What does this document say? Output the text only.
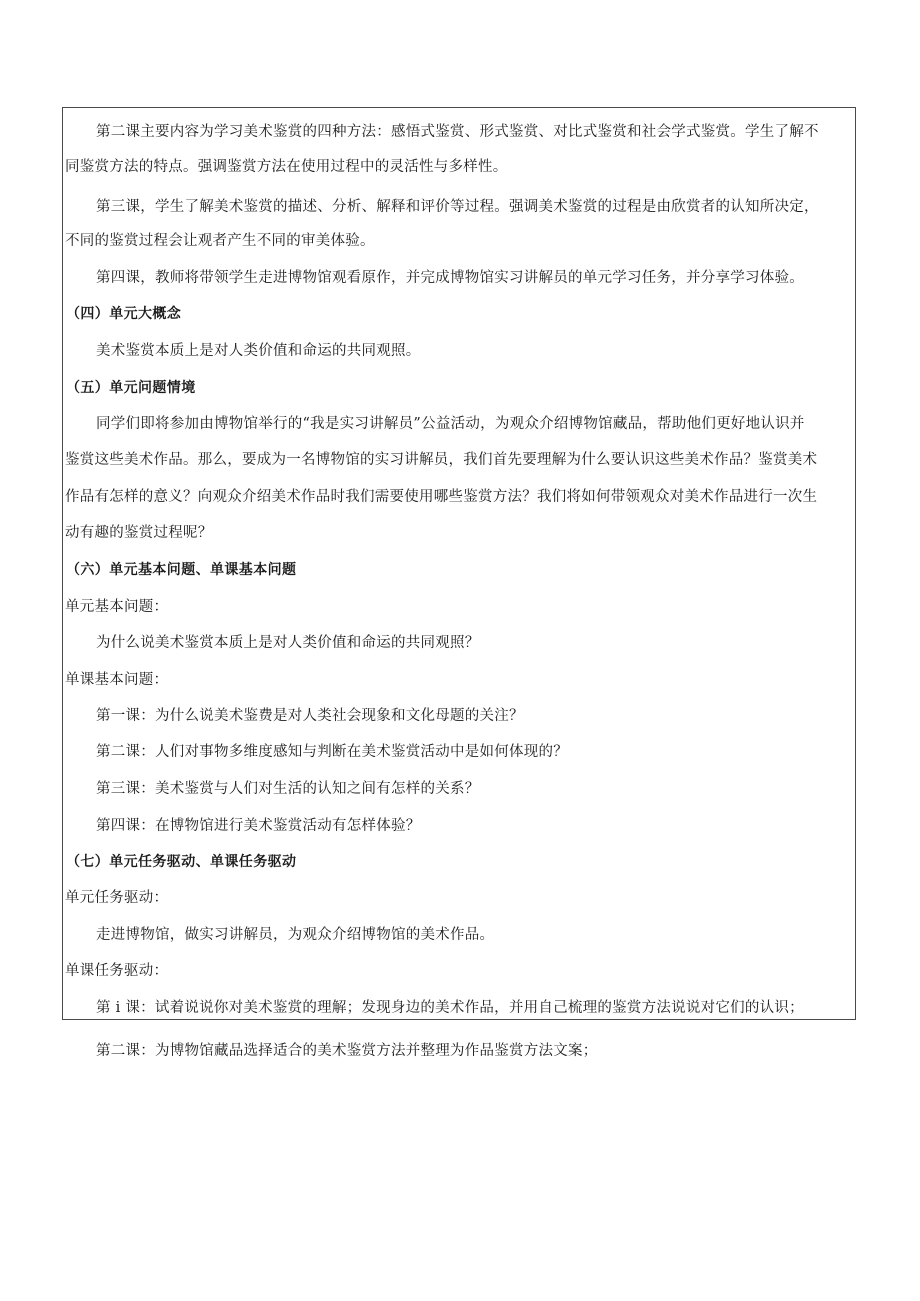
第二课主要内容为学习美术鉴赏的四种方法：感悟式鉴赏、形式鉴赏、对比式鉴赏和社会学式鉴赏。学生了解不
同鉴赏方法的特点。强调鉴赏方法在使用过程中的灵活性与多样性。
第三课，学生了解美术鉴赏的描述、分析、解释和评价等过程。强调美术鉴赏的过程是由欣赏者的认知所决定，
不同的鉴赏过程会让观者产生不同的审美体验。
第四课，教师将带领学生走进博物馆观看原作，并完成博物馆实习讲解员的单元学习任务，并分享学习体验。
（四）单元大概念
美术鉴赏本质上是对人类价值和命运的共同观照。
（五）单元问题情境
同学们即将参加由博物馆举行的“我是实习讲解员”公益活动，为观众介绍博物馆藏品，帮助他们更好地认识并
鉴赏这些美术作品。那么，要成为一名博物馆的实习讲解员，我们首先要理解为什么要认识这些美术作品？鉴赏美术
作品有怎样的意义？向观众介绍美术作品时我们需要使用哪些鉴赏方法？我们将如何带领观众对美术作品进行一次生
动有趣的鉴赏过程呢？
（六）单元基本问题、单课基本问题
单元基本问题：
为什么说美术鉴赏本质上是对人类价值和命运的共同观照？
单课基本问题：
第一课：为什么说美术鉴费是对人类社会现象和文化母题的关注？
第二课：人们对事物多维度感知与判断在美术鉴赏活动中是如何体现的？
第三课：美术鉴赏与人们对生活的认知之间有怎样的关系？
第四课：在博物馆进行美术鉴赏活动有怎样体验？
（七）单元任务驱动、单课任务驱动
单元任务驱动：
走进博物馆，做实习讲解员，为观众介绍博物馆的美术作品。
单课任务驱动：
第 i 课：试着说说你对美术鉴赏的理解；发现身边的美术作品，并用自己梳理的鉴赏方法说说对它们的认识；
第二课：为博物馆藏品选择适合的美术鉴赏方法并整理为作品鉴赏方法文案；
